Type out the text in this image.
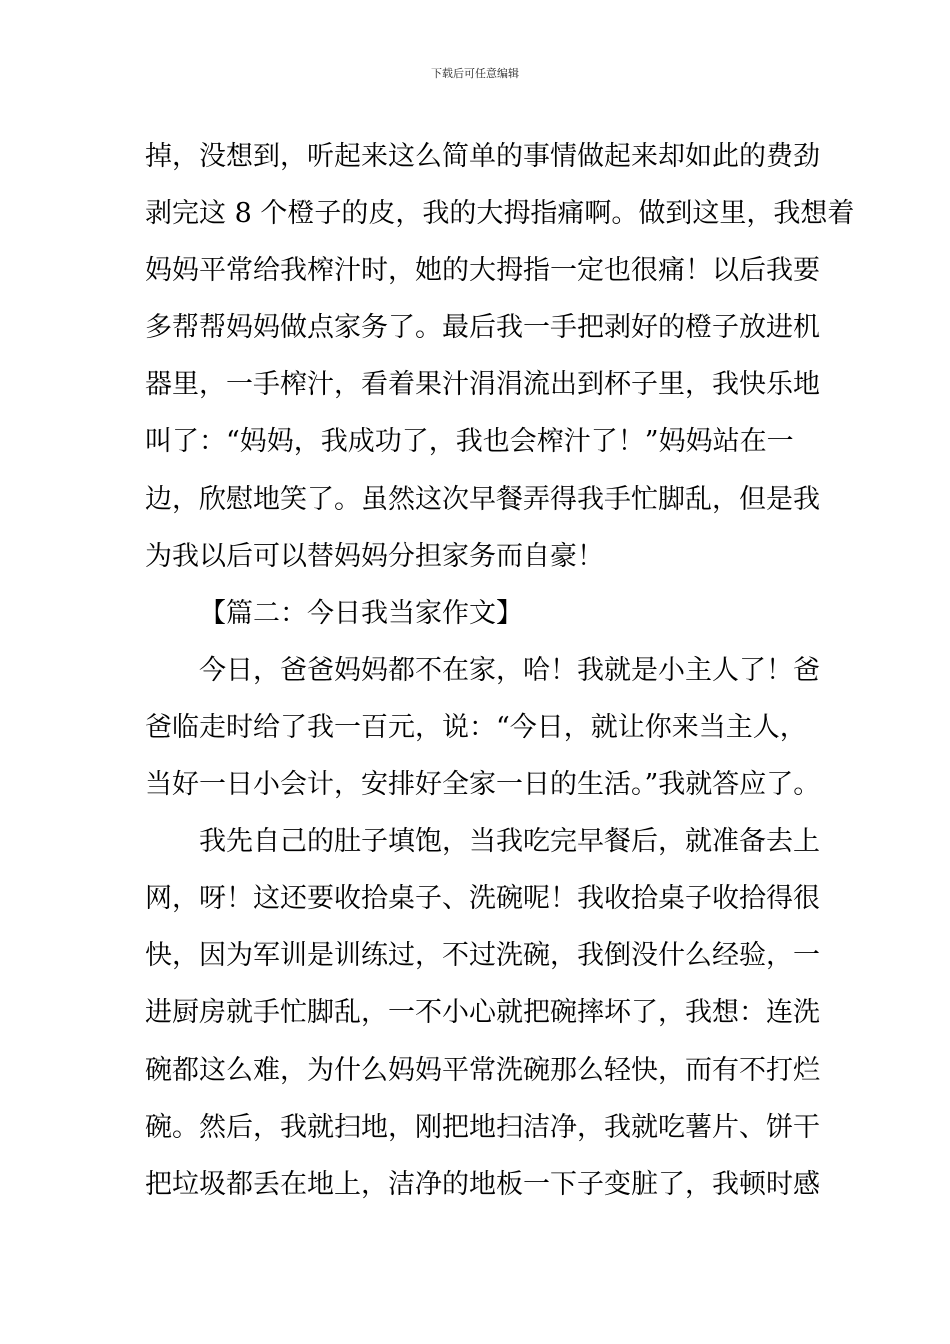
下载后可任意编辑
掉，没想到，听起来这么简单的事情做起来却如此的费劲
剥完这 8 个橙子的皮，我的大拇指痛啊。做到这里，我想着
妈妈平常给我榨汁时，她的大拇指一定也很痛！以后我要
多帮帮妈妈做点家务了。最后我一手把剥好的橙子放进机
器里，一手榨汁，看着果汁涓涓流出到杯子里，我快乐地
叫了：“妈妈，我成功了，我也会榨汁了！”妈妈站在一
边，欣慰地笑了。虽然这次早餐弄得我手忙脚乱，但是我
为我以后可以替妈妈分担家务而自豪！
【篇二：今日我当家作文】
今日，爸爸妈妈都不在家，哈！我就是小主人了！爸
爸临走时给了我一百元，说：“今日，就让你来当主人，
当好一日小会计，安排好全家一日的生活。”我就答应了。
我先自己的肚子填饱，当我吃完早餐后，就准备去上
网，呀！这还要收拾桌子、洗碗呢！我收拾桌子收拾得很
快，因为军训是训练过，不过洗碗，我倒没什么经验，一
进厨房就手忙脚乱，一不小心就把碗摔坏了，我想：连洗
碗都这么难，为什么妈妈平常洗碗那么轻快，而有不打烂
碗。然后，我就扫地，刚把地扫洁净，我就吃薯片、饼干
把垃圾都丢在地上，洁净的地板一下子变脏了，我顿时感
